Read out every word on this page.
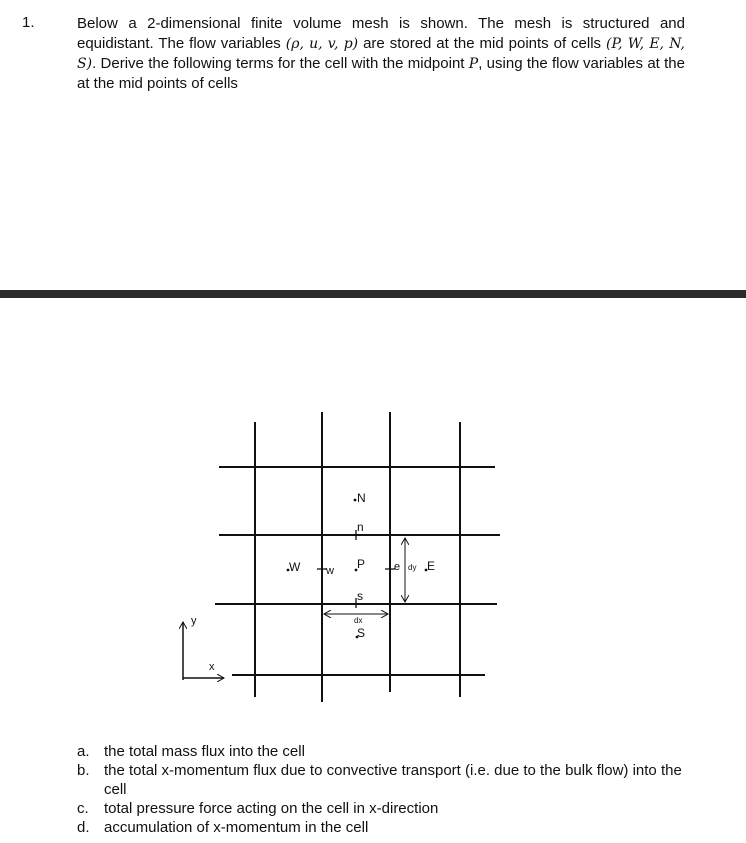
1.	Below a 2-dimensional finite volume mesh is shown. The mesh is structured and equidistant. The flow variables (ρ, u, v, p) are stored at the mid points of cells (P, W, E, N, S). Derive the following terms for the cell with the midpoint P, using the flow variables at the at the mid points of cells

N
n
W w P	e dy E
s
dx
S
y
x
a. the total mass flux into the cell
b. the total x-momentum flux due to convective transport (i.e. due to the bulk flow) into the cell
c. total pressure force acting on the cell in x-direction
d. accumulation of x-momentum in the cell
